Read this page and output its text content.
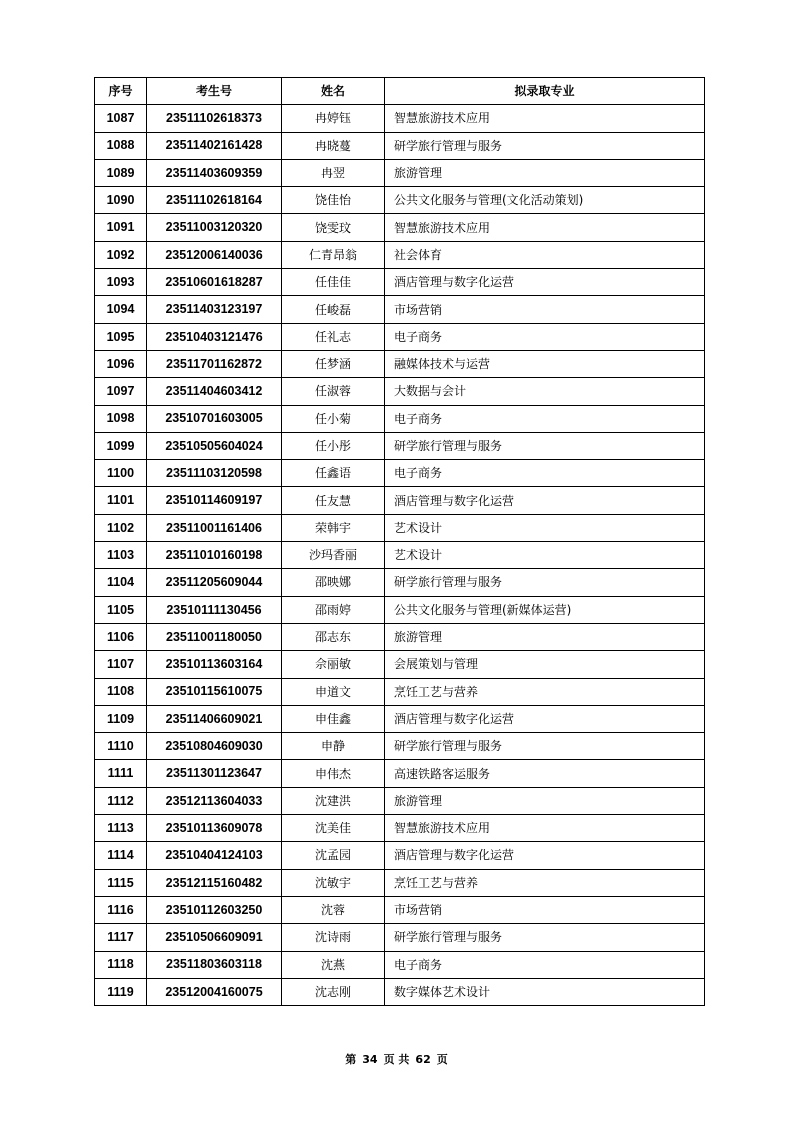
序号	考生号	姓名	拟录取专业
1087	23511102618373	冉婷钰	智慧旅游技术应用
1088	23511402161428	冉晓蔓	研学旅行管理与服务
1089	23511403609359	冉翌	旅游管理
1090	23511102618164	饶佳怡	公共文化服务与管理(文化活动策划)
1091	23511003120320	饶雯玟	智慧旅游技术应用
1092	23512006140036	仁青昂翁	社会体育
1093	23510601618287	任佳佳	酒店管理与数字化运营
1094	23511403123197	任峻磊	市场营销
1095	23510403121476	任礼志	电子商务
1096	23511701162872	任梦涵	融媒体技术与运营
1097	23511404603412	任淑蓉	大数据与会计
1098	23510701603005	任小菊	电子商务
1099	23510505604024	任小彤	研学旅行管理与服务
1100	23511103120598	任鑫语	电子商务
1101	23510114609197	任友慧	酒店管理与数字化运营
1102	23511001161406	荣韩宇	艺术设计
1103	23511010160198	沙玛香丽	艺术设计
1104	23511205609044	邵映娜	研学旅行管理与服务
1105	23510111130456	邵雨婷	公共文化服务与管理(新媒体运营)
1106	23511001180050	邵志东	旅游管理
1107	23510113603164	佘丽敏	会展策划与管理
1108	23510115610075	申道文	烹饪工艺与营养
1109	23511406609021	申佳鑫	酒店管理与数字化运营
1110	23510804609030	申静	研学旅行管理与服务
1111	23511301123647	申伟杰	高速铁路客运服务
1112	23512113604033	沈建洪	旅游管理
1113	23510113609078	沈美佳	智慧旅游技术应用
1114	23510404124103	沈孟园	酒店管理与数字化运营
1115	23512115160482	沈敏宇	烹饪工艺与营养
1116	23510112603250	沈蓉	市场营销
1117	23510506609091	沈诗雨	研学旅行管理与服务
1118	23511803603118	沈燕	电子商务
1119	23512004160075	沈志刚	数字媒体艺术设计
第 34 页 共 62 页
